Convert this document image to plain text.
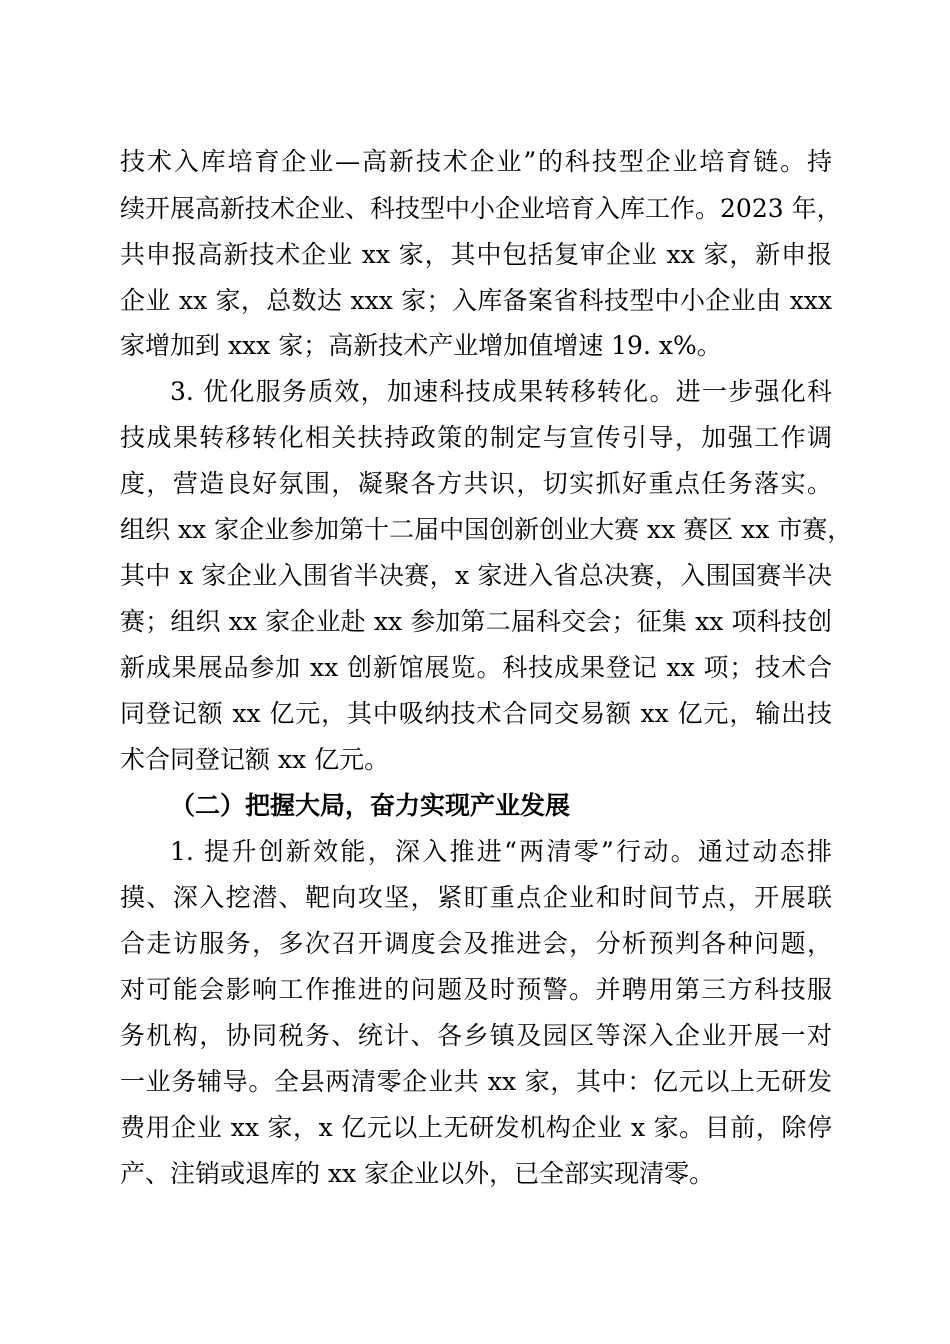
技术入库培育企业—高新技术企业”的科技型企业培育链。持
续开展高新技术企业、科技型中小企业培育入库工作。2023 年，
共申报高新技术企业 xx 家，其中包括复审企业 xx 家，新申报
企业 xx 家，总数达 xxx 家；入库备案省科技型中小企业由 xxx
家增加到 xxx 家；高新技术产业增加值增速 19. x%。
3. 优化服务质效，加速科技成果转移转化。进一步强化科
技成果转移转化相关扶持政策的制定与宣传引导，加强工作调
度，营造良好氛围，凝聚各方共识，切实抓好重点任务落实。
组织 xx 家企业参加第十二届中国创新创业大赛 xx 赛区 xx 市赛，
其中 x 家企业入围省半决赛，x 家进入省总决赛，入围国赛半决
赛；组织 xx 家企业赴 xx 参加第二届科交会；征集 xx 项科技创
新成果展品参加 xx 创新馆展览。科技成果登记 xx 项；技术合
同登记额 xx 亿元，其中吸纳技术合同交易额 xx 亿元，输出技
术合同登记额 xx 亿元。
（二）把握大局，奋力实现产业发展
1. 提升创新效能，深入推进“两清零”行动。通过动态排
摸、深入挖潜、靶向攻坚，紧盯重点企业和时间节点，开展联
合走访服务，多次召开调度会及推进会，分析预判各种问题，
对可能会影响工作推进的问题及时预警。并聘用第三方科技服
务机构，协同税务、统计、各乡镇及园区等深入企业开展一对
一业务辅导。全县两清零企业共 xx 家，其中：亿元以上无研发
费用企业 xx 家，x 亿元以上无研发机构企业 x 家。目前，除停
产、注销或退库的 xx 家企业以外，已全部实现清零。
